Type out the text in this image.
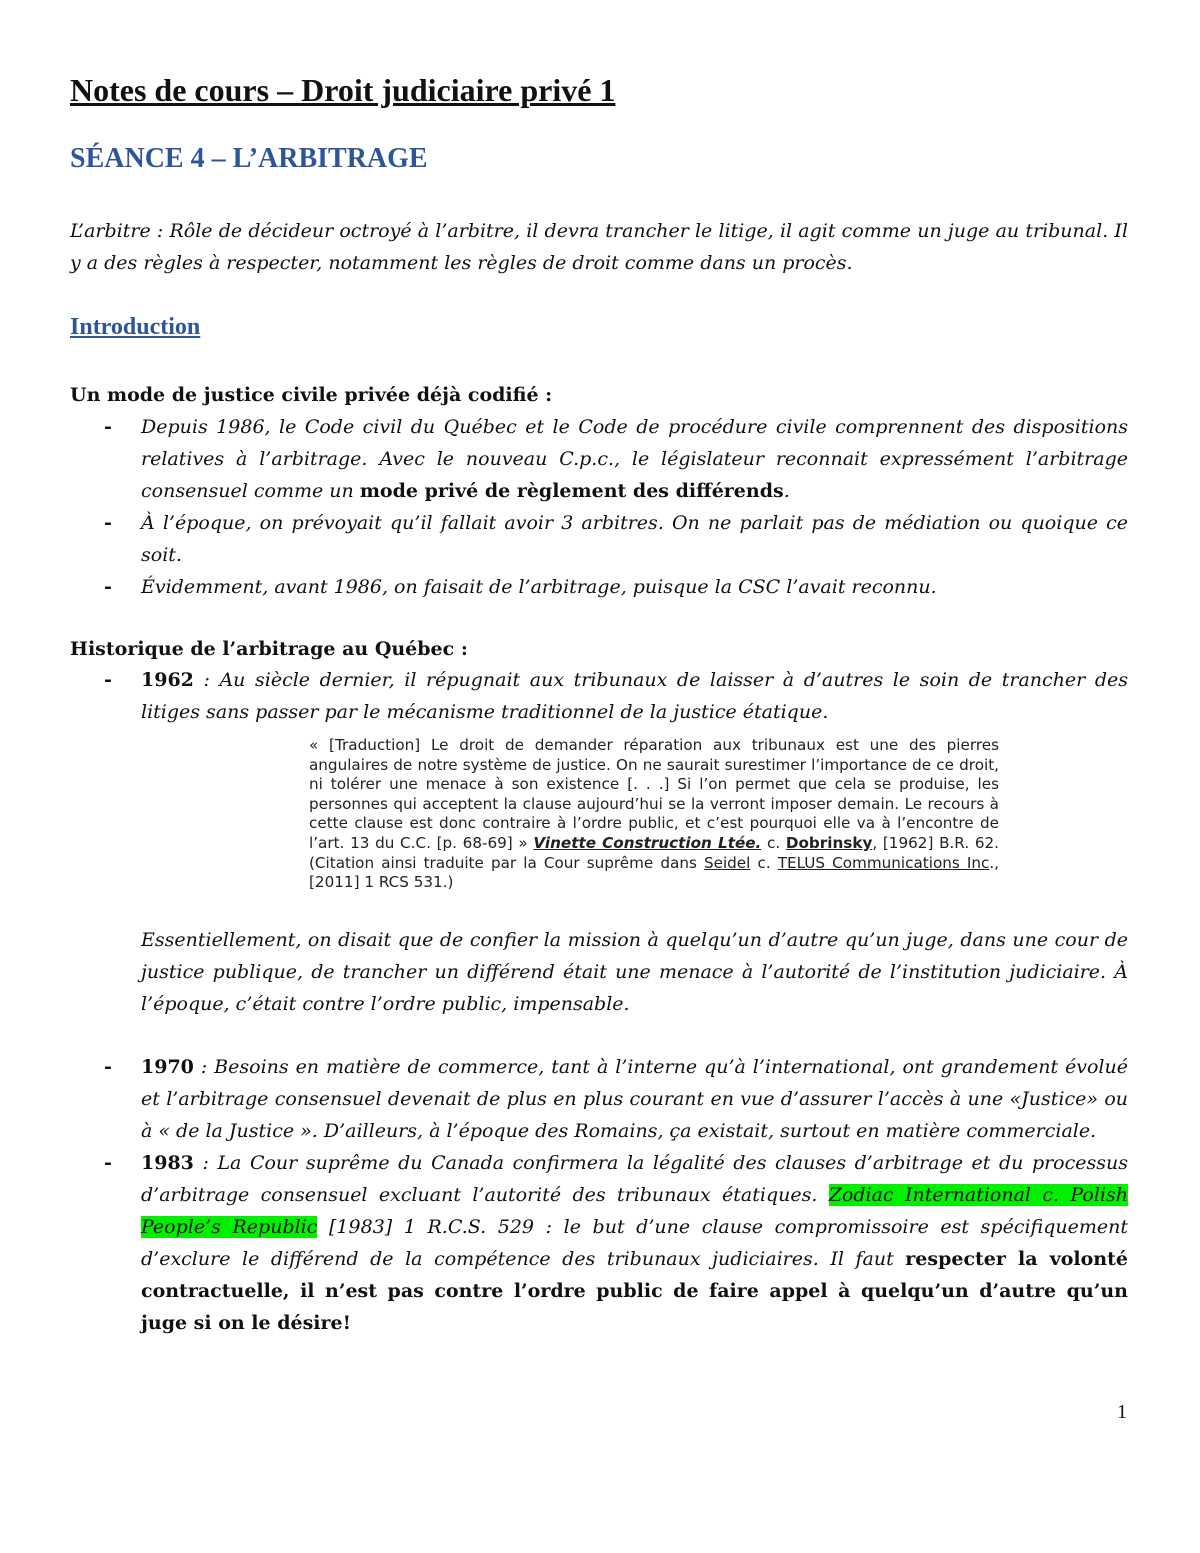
Notes de cours – Droit judiciaire privé 1
SÉANCE 4 – L’ARBITRAGE

L’arbitre : Rôle de décideur octroyé à l’arbitre, il devra trancher le litige, il agit comme un juge au tribunal. Il y a des règles à respecter, notamment les règles de droit comme dans un procès.

Introduction

Un mode de justice civile privée déjà codifié :

- Depuis 1986, le Code civil du Québec et le Code de procédure civile comprennent des dispositions relatives à l’arbitrage. Avec le nouveau C.p.c., le législateur reconnait expressément l’arbitrage consensuel comme un mode privé de règlement des différends.
- À l’époque, on prévoyait qu’il fallait avoir 3 arbitres. On ne parlait pas de médiation ou quoique ce soit.
- Évidemment, avant 1986, on faisait de l’arbitrage, puisque la CSC l’avait reconnu.

Historique de l’arbitrage au Québec :

- 1962 : Au siècle dernier, il répugnait aux tribunaux de laisser à d’autres le soin de trancher des litiges sans passer par le mécanisme traditionnel de la justice étatique.

« [Traduction] Le droit de demander réparation aux tribunaux est une des pierres angulaires de notre système de justice. On ne saurait surestimer l’importance de ce droit, ni tolérer une menace à son existence [. . .] Si l’on permet que cela se produise, les personnes qui acceptent la clause aujourd’hui se la verront imposer demain. Le recours à cette clause est donc contraire à l’ordre public, et c’est pourquoi elle va à l’encontre de l’art. 13 du C.C. [p. 68-69] » Vinette Construction Ltée. c. Dobrinsky, [1962] B.R. 62. (Citation ainsi traduite par la Cour suprême dans Seidel c. TELUS Communications Inc., [2011] 1 RCS 531.)

Essentiellement, on disait que de confier la mission à quelqu’un d’autre qu’un juge, dans une cour de justice publique, de trancher un différend était une menace à l’autorité de l’institution judiciaire. À l’époque, c’était contre l’ordre public, impensable.

- 1970 : Besoins en matière de commerce, tant à l’interne qu’à l’international, ont grandement évolué et l’arbitrage consensuel devenait de plus en plus courant en vue d’assurer l’accès à une «Justice» ou à « de la Justice ». D’ailleurs, à l’époque des Romains, ça existait, surtout en matière commerciale.
- 1983 : La Cour suprême du Canada confirmera la légalité des clauses d’arbitrage et du processus d’arbitrage consensuel excluant l’autorité des tribunaux étatiques. Zodiac International c. Polish People’s Republic [1983] 1 R.C.S. 529 : le but d’une clause compromissoire est spécifiquement d’exclure le différend de la compétence des tribunaux judiciaires. Il faut respecter la volonté contractuelle, il n’est pas contre l’ordre public de faire appel à quelqu’un d’autre qu’un juge si on le désire!
1
